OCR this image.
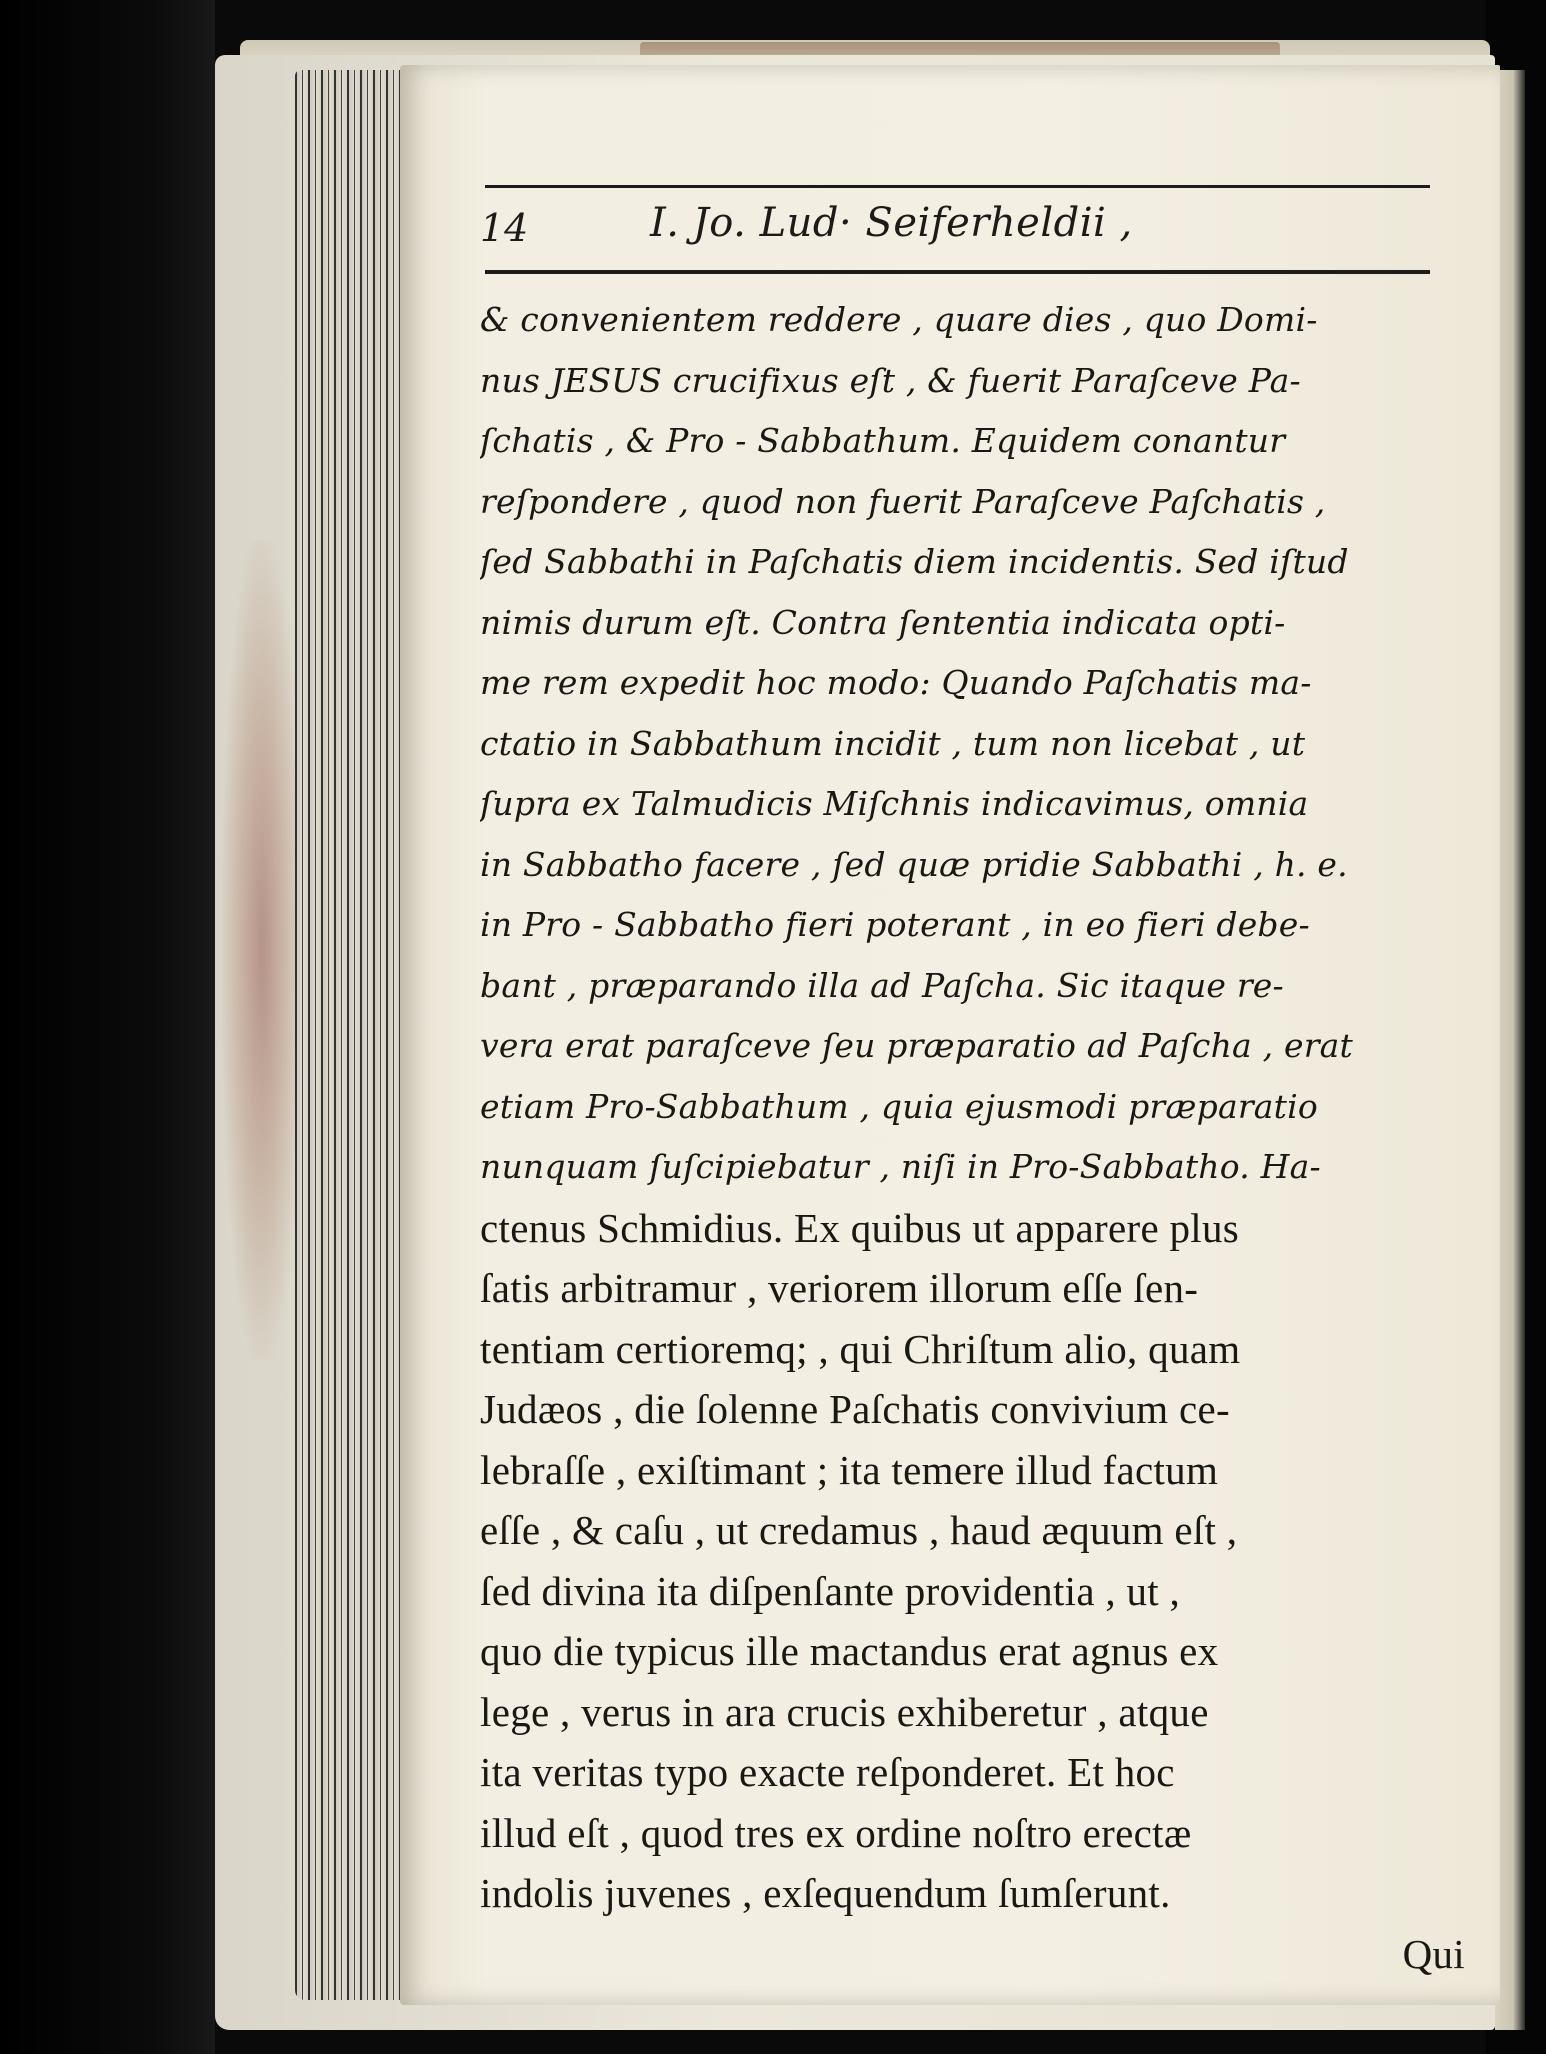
14	I. Jo. Lud· Seiferheldii ,
& convenientem reddere , quare dies , quo Domi-
nus JESUS crucifixus eſt , & fuerit Paraſceve Pa-
ſchatis , & Pro - Sabbathum. Equidem conantur
reſpondere , quod non fuerit Paraſceve Paſchatis ,
ſed Sabbathi in Paſchatis diem incidentis. Sed iſtud
nimis durum eſt. Contra ſententia indicata opti-
me rem expedit hoc modo: Quando Paſchatis ma-
ctatio in Sabbathum incidit , tum non licebat , ut
ſupra ex Talmudicis Miſchnis indicavimus, omnia
in Sabbatho facere , ſed quæ pridie Sabbathi , h. e.
in Pro - Sabbatho fieri poterant , in eo fieri debe-
bant , præparando illa ad Paſcha. Sic itaque re-
vera erat paraſceve ſeu præparatio ad Paſcha , erat
etiam Pro-Sabbathum , quia ejusmodi præparatio
nunquam ſuſcipiebatur , niſi in Pro-Sabbatho. Ha-
ctenus Schmidius. Ex quibus ut apparere plus
ſatis arbitramur , veriorem illorum eſſe ſen-
tentiam certioremq; , qui Chriſtum alio, quam
Judæos , die ſolenne Paſchatis convivium ce-
lebraſſe , exiſtimant ; ita temere illud factum
eſſe , & caſu , ut credamus , haud æquum eſt ,
ſed divina ita diſpenſante providentia , ut ,
quo die typicus ille mactandus erat agnus ex
lege , verus in ara crucis exhiberetur , atque
ita veritas typo exacte reſponderet. Et hoc
illud eſt , quod tres ex ordine noſtro erectæ
indolis juvenes , exſequendum ſumſerunt.
Qui
